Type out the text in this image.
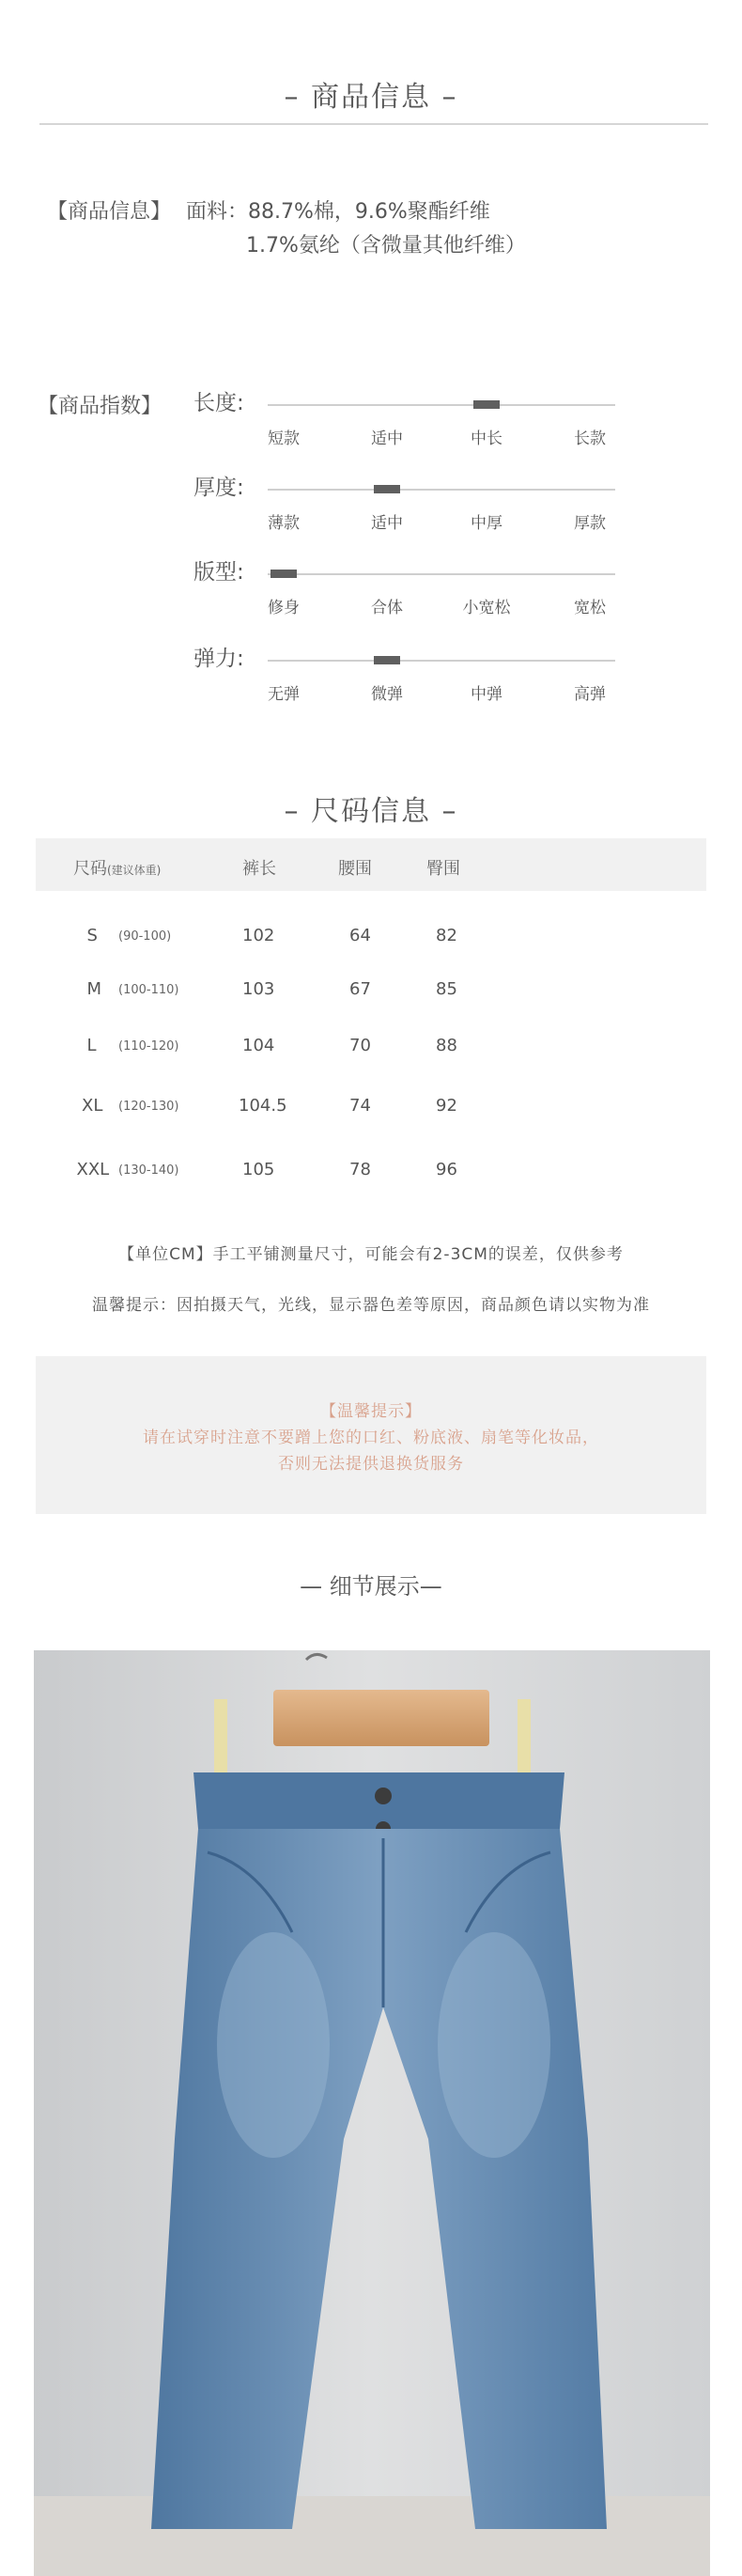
– 商品信息 –
【商品信息】 面料：88.7%棉，9.6%聚酯纤维
1.7%氨纶（含微量其他纤维）
【商品指数】 长度:
短款	适中	中长	长款
厚度:
薄款	适中	中厚	厚款
版型:
修身	合体	小宽松	宽松
弹力:
无弹	微弹	中弹	高弹
– 尺码信息 –
尺码(建议体重)	裤长	腰围	臀围
S (90-100)	102	64	82
M (100-110)	103	67	85
L (110-120)	104	70	88
XL (120-130)	104.5	74	92
XXL (130-140)	105	78	96
【单位CM】手工平铺测量尺寸，可能会有2-3CM的误差，仅供参考
温馨提示：因拍摄天气，光线，显示器色差等原因，商品颜色请以实物为准
【温馨提示】
请在试穿时注意不要蹭上您的口红、粉底液、扇笔等化妆品，
否则无法提供退换货服务
— 细节展示—
